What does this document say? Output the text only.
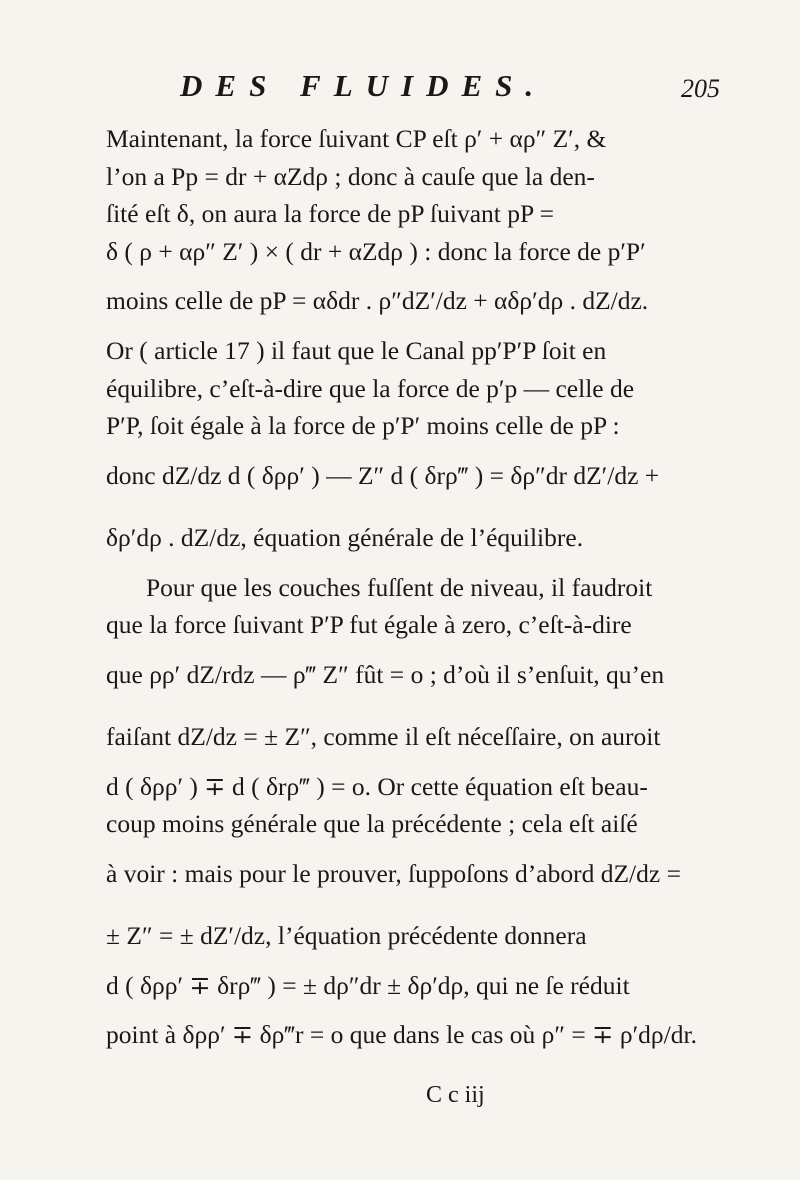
DES FLUIDES.	205
Maintenant, la force ſuivant CP eſt ρ′ + αρ″ Z′, &
l’on a Pp = dr + αZdρ ; donc à cauſe que la den-
ſité eſt δ, on aura la force de pP ſuivant pP =
δ ( ρ + αρ″ Z′ ) × ( dr + αZdρ ) : donc la force de p′P′
moins celle de pP = αδdr . ρ″dZ′/dz + αδρ′dρ . dZ/dz.
Or ( article 17 ) il faut que le Canal pp′P′P ſoit en
équilibre, c’eſt-à-dire que la force de p′p — celle de
P′P, ſoit égale à la force de p′P′ moins celle de pP :
donc dZ/dz d ( δρρ′ ) — Z″ d ( δrρ‴ ) = δρ″dr dZ′/dz +
δρ′dρ . dZ/dz, équation générale de l’équilibre.
Pour que les couches fuſſent de niveau, il faudroit
que la force ſuivant P′P fut égale à zero, c’eſt-à-dire
que ρρ′ dZ/rdz — ρ‴ Z″ fût = o ; d’où il s’enſuit, qu’en
faiſant dZ/dz = ± Z″, comme il eſt néceſſaire, on auroit
d ( δρρ′ ) ∓ d ( δrρ‴ ) = o. Or cette équation eſt beau-
coup moins générale que la précédente ; cela eſt aiſé
à voir : mais pour le prouver, ſuppoſons d’abord dZ/dz =
± Z″ = ± dZ′/dz, l’équation précédente donnera
d ( δρρ′ ∓ δrρ‴ ) = ± dρ″dr ± δρ′dρ, qui ne ſe réduit
point à δρρ′ ∓ δρ‴r = o que dans le cas où ρ″ = ∓ ρ′dρ/dr.
C c iij
